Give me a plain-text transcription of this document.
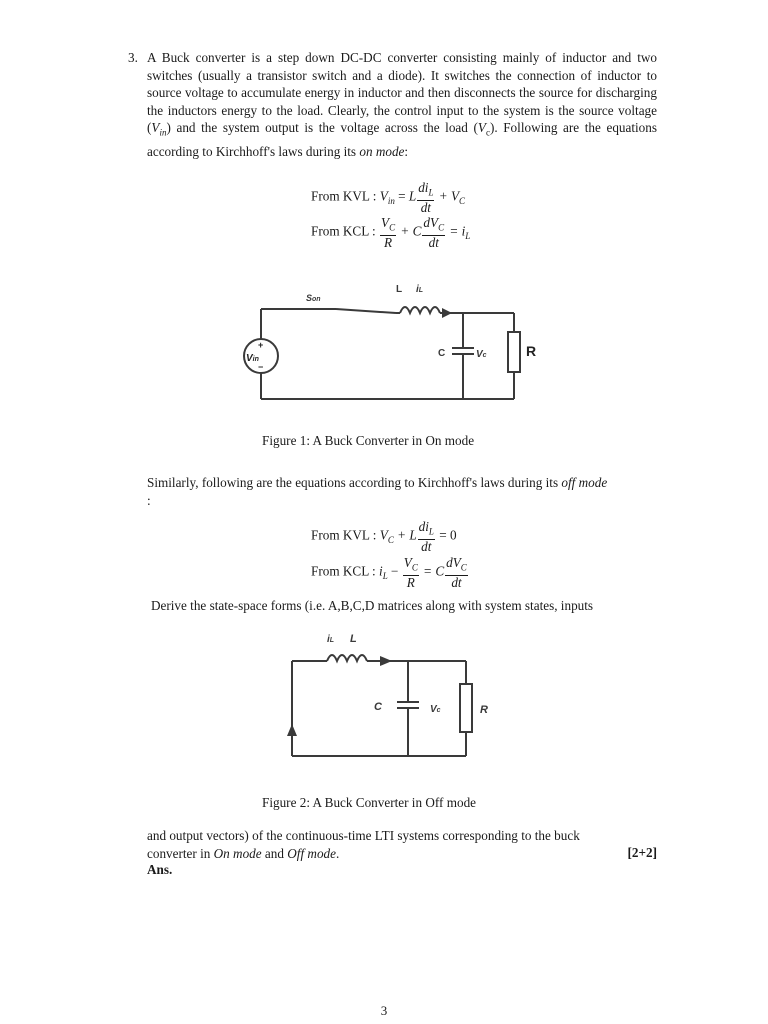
3. A Buck converter is a step down DC-DC converter consisting mainly of inductor and two switches (usually a transistor switch and a diode). It switches the connection of inductor to source voltage to accumulate energy in inductor and then disconnects the source for discharging the inductors energy to the load. Clearly, the control input to the system is the source voltage $(V_{in})$ and the system output is the voltage across the load $(V_c)$. Following are the equations according to Kirchhoff's laws during its on mode:
From KVL : $V_{in} = L \frac{di_L}{dt} + V_C$
From KCL : $\frac{V_C}{R} + C \frac{dV_C}{dt} = i_L$
Son
L iL
C	Vc	R
+
Vin
−
Figure 1: A Buck Converter in On mode
Similarly, following are the equations according to Kirchhoff's laws during its off mode
:
From KVL : $V_C + L \frac{di_L}{dt} = 0$
From KCL : $i_L - \frac{V_C}{R} = C \frac{dV_C}{dt}$
Derive the state-space forms (i.e. A,B,C,D matrices along with system states, inputs
iL L
C	Vc	R
Figure 2: A Buck Converter in Off mode
and output vectors) of the continuous-time LTI systems corresponding to the buck
converter in On mode and Off mode.	[2+2]
Ans.
3
